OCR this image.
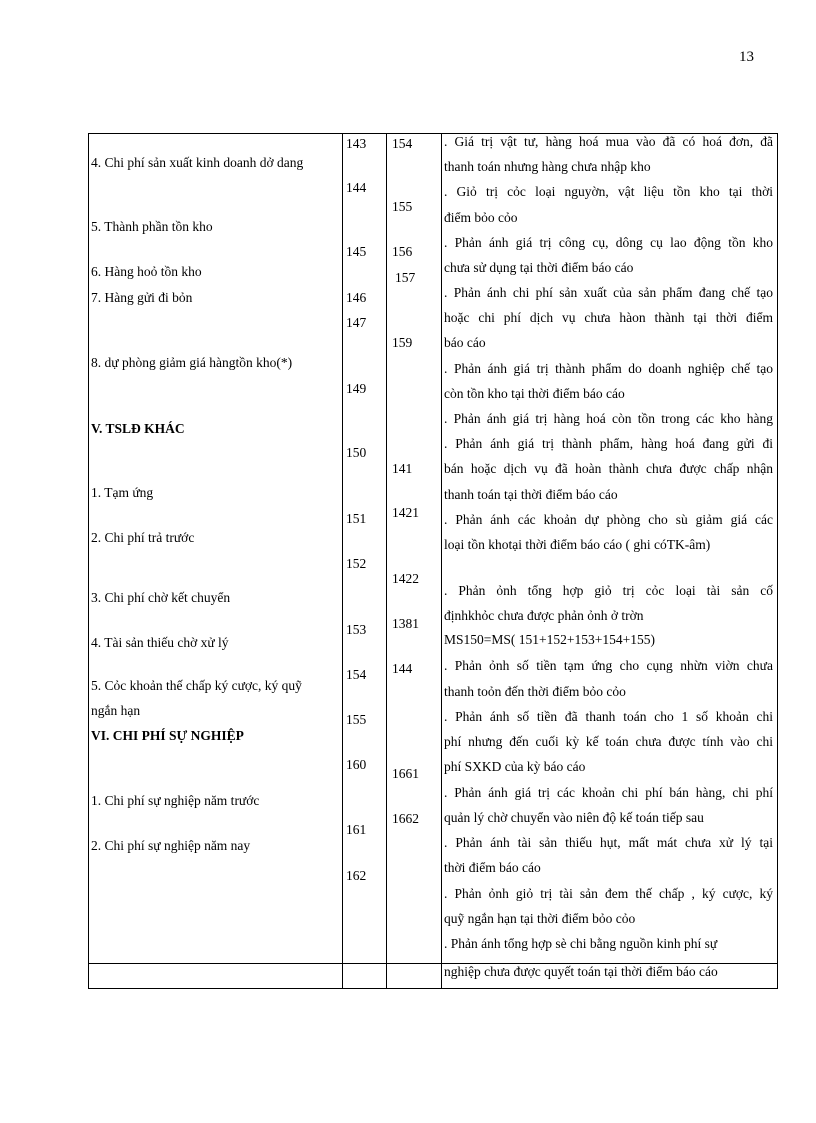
13
4. Chi phí sản xuất kinh doanh dở dang
5. Thành phần tồn kho
6. Hàng hoỏ tồn kho
7. Hàng gửi đi bỏn
8. dự phòng giảm giá hàngtồn kho(*)
V. TSLĐ KHÁC
1. Tạm ứng
2. Chi phí trả trước
3. Chi phí chờ kết chuyển
4. Tài sản thiếu chờ xử lý
5. Cỏc khoản thế chấp ký cược, ký quỹ
ngắn hạn
VI. CHI PHÍ SỰ NGHIỆP
1. Chi phí sự nghiệp năm trước
2. Chi phí sự nghiệp năm nay
143
144
145
146
147
149
150
151
152
153
154
155
160
161
162
154
155
156
157
159
141
1421
1422
1381
144
1661
1662
. Giá trị vật tư, hàng hoá mua vào đã có hoá đơn, đã
thanh toán nhưng hàng chưa nhập kho
. Giỏ trị cỏc loại nguyờn, vật liệu tồn kho tại thời
điểm bỏo cỏo
. Phản ánh giá trị công cụ, dông cụ lao động tồn kho
chưa sử dụng tại thời điểm báo cáo
. Phản ánh chi phí sản xuất của sản phẩm đang chế tạo
hoặc chi phí dịch vụ chưa hàon thành tại thời điểm
báo cáo
. Phản ánh giá trị thành phẩm do doanh nghiệp chế tạo
còn tồn kho tại thời điểm báo cáo
. Phản ánh giá trị hàng hoá còn tồn trong các kho hàng
. Phản ánh giá trị thành phẩm, hàng hoá đang gửi đi
bán hoặc dịch vụ đã hoàn thành chưa được chấp nhận
thanh toán tại thời điểm báo cáo
. Phản ánh các khoản dự phòng cho sù giảm giá các
loại tồn khotại thời điểm báo cáo ( ghi cóTK-âm)
. Phản ỏnh tổng hợp giỏ trị cỏc loại tài sản cố
địnhkhỏc chưa được phản ỏnh ở trờn
MS150=MS( 151+152+153+154+155)
. Phản ỏnh số tiền tạm ứng cho cụng nhừn viờn chưa
thanh toỏn đến thời điểm bỏo cỏo
. Phản ánh số tiền đã thanh toán cho 1 số khoản chi
phí nhưng đến cuối kỳ kế toán chưa được tính vào chi
phí SXKD của kỳ báo cáo
. Phản ánh giá trị các khoản chi phí bán hàng, chi phí
quản lý chờ chuyển vào niên độ kế toán tiếp sau
. Phản ánh tài sản thiếu hụt, mất mát chưa xử lý tại
thời điểm báo cáo
. Phản ỏnh giỏ trị tài sản đem thế chấp , ký cược, ký
quỹ ngắn hạn tại thời điểm bỏo cỏo
. Phản ánh tổng hợp sè chi bằng nguồn kinh phí sự
nghiệp chưa được quyết toán tại thời điểm báo cáo
